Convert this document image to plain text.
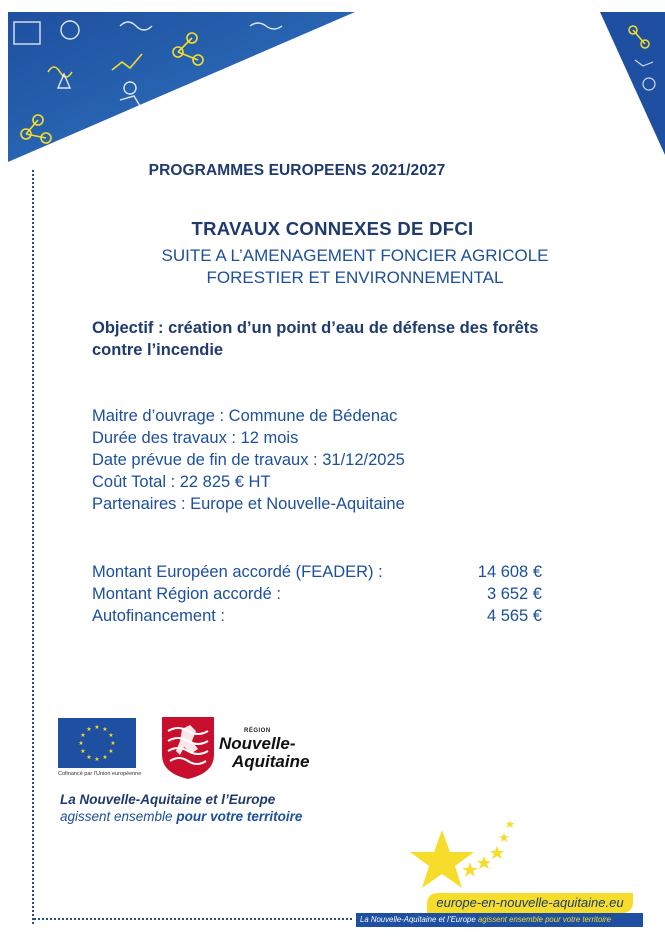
PROGRAMMES EUROPEENS 2021/2027
TRAVAUX CONNEXES DE DFCI
SUITE A L’AMENAGEMENT FONCIER AGRICOLE
FORESTIER ET ENVIRONNEMENTAL
Objectif : création d’un point d’eau de défense des forêts
contre l’incendie
Maitre d’ouvrage : Commune de Bédenac
Durée des travaux : 12 mois
Date prévue de fin de travaux : 31/12/2025
Coût Total : 22 825 € HT
Partenaires : Europe et Nouvelle-Aquitaine
Montant Européen accordé (FEADER) :	14 608 €
Montant Région accordé :	3 652 €
Autofinancement :	4 565 €
★ ★
★
★
★
★
★
★
★
★
★
★
Cofinancé par l'Union européenne
RÉGION
Nouvelle-
Aquitaine
La Nouvelle-Aquitaine et l’Europe
agissent ensemble pour votre territoire
europe-en-nouvelle-aquitaine.eu
La Nouvelle-Aquitaine et l’Europe agissent ensemble pour votre territoire
